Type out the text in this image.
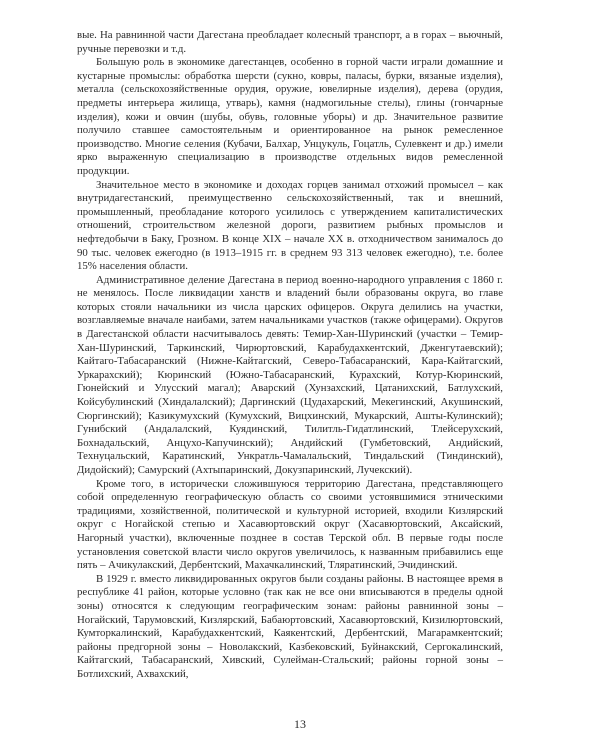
вые. На равнинной части Дагестана преобладает колесный транспорт, а в горах – вьючный, ручные перевозки и т.д.

Большую роль в экономике дагестанцев, особенно в горной части играли домашние и кустарные промыслы: обработка шерсти (сукно, ковры, паласы, бурки, вязаные изделия), металла (сельскохозяйственные орудия, оружие, ювелирные изделия), дерева (орудия, предметы интерьера жилища, утварь), камня (надмогильные стелы), глины (гончарные изделия), кожи и овчин (шубы, обувь, головные уборы) и др. Значительное развитие получило ставшее самостоятельным и ориентированное на рынок ремесленное производство. Многие селения (Кубачи, Балхар, Унцукуль, Гоцатль, Сулевкент и др.) имели ярко выраженную специализацию в производстве отдельных видов ремесленной продукции.

Значительное место в экономике и доходах горцев занимал отхожий промысел – как внутридагестанский, преимущественно сельскохозяйственный, так и внешний, промышленный, преобладание которого усилилось с утверждением капиталистических отношений, строительством железной дороги, развитием рыбных промыслов и нефтедобычи в Баку, Грозном. В конце XIX – начале XX в. отходничеством занималось до 90 тыс. человек ежегодно (в 1913–1915 гг. в среднем 93 313 человек ежегодно), т.е. более 15% населения области.

Административное деление Дагестана в период военно-народного управления с 1860 г. не менялось. После ликвидации ханств и владений были образованы округа, во главе которых стояли начальники из числа царских офицеров. Округа делились на участки, возглавляемые вначале наибами, затем начальниками участков (также офицерами). Округов в Дагестанской области насчитывалось девять: Темир-Хан-Шуринский (участки – Темир-Хан-Шуринский, Таркинский, Чирюртовский, Карабудахкентский, Дженгутаевский); Кайтаго-Табасаранский (Нижне-Кайтагский, Северо-Табасаранский, Кара-Кайтагский, Уркарахский); Кюринский (Южно-Табасаранский, Курахский, Котур-Кюринский, Гюнейский и Улусский магал); Аварский (Хунзахский, Цатанихский, Батлухский, Койсубулинский (Хиндалалский); Даргинский (Цудахарский, Мекегинский, Акушинский, Сюргинский); Казикумухский (Кумухский, Вицхинский, Мукарский, Ашты-Кулинский); Гунибский (Андалалский, Куядинский, Тилитль-Гидатлинский, Тлейсерухский, Бохнадальский, Анцухо-Капучинский); Андийский (Гумбетовский, Андийский, Технуцальский, Каратинский, Ункратль-Чамалальский, Тиндальский (Тиндинский), Дидойский); Самурский (Ахтыпаринский, Докузпаринский, Лучекский).

Кроме того, в исторически сложившуюся территорию Дагестана, представляющего собой определенную географическую область со своими устоявшимися этническими традициями, хозяйственной, политической и культурной историей, входили Кизлярский округ с Ногайской степью и Хасавюртовский округ (Хасавюртовский, Аксайский, Нагорный участки), включенные позднее в состав Терской обл. В первые годы после установления советской власти число округов увеличилось, к названным прибавились еще пять – Ачикулакский, Дербентский, Махачкалинский, Тляратинский, Эчидинский.

В 1929 г. вместо ликвидированных округов были созданы районы. В настоящее время в республике 41 район, которые условно (так как не все они вписываются в пределы одной зоны) относятся к следующим географическим зонам: районы равнинной зоны – Ногайский, Тарумовский, Кизлярский, Бабаюртовский, Хасавюртовский, Кизилюртовский, Кумторкалинский, Карабудахкентский, Каякентский, Дербентский, Магарамкентский; районы предгорной зоны – Новолакский, Казбековский, Буйнакский, Сергокалинский, Кайтагский, Табасаранский, Хивский, Сулейман-Стальский; районы горной зоны – Ботлихский, Ахвахский,

13
